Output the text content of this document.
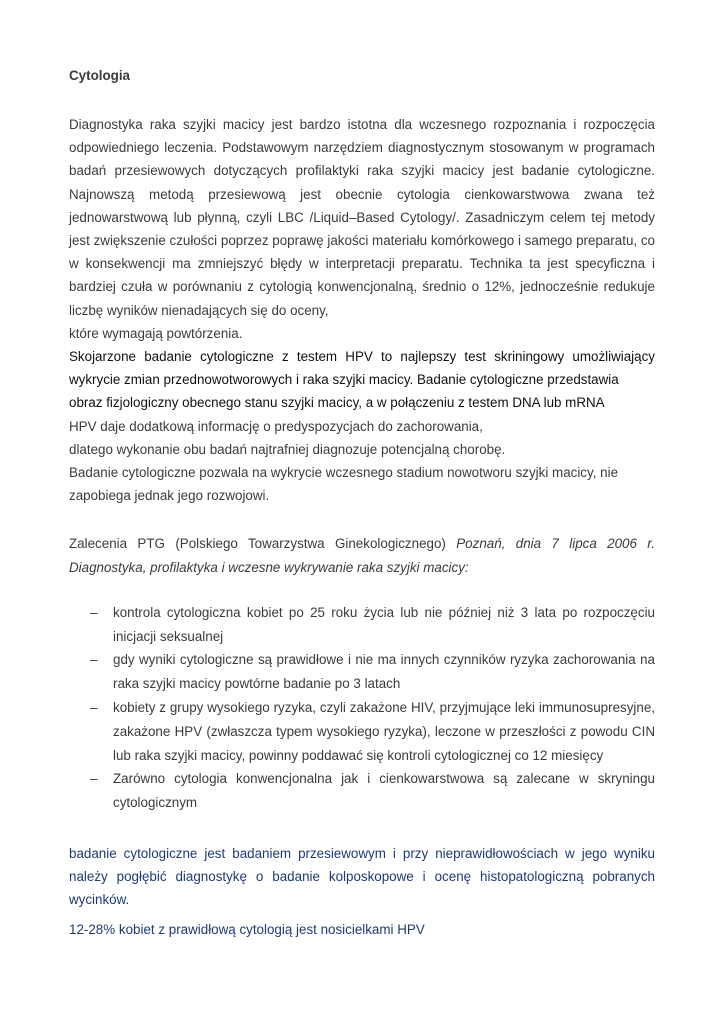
Cytologia

Diagnostyka raka szyjki macicy jest bardzo istotna dla wczesnego rozpoznania i rozpoczęcia odpowiedniego leczenia. Podstawowym narzędziem diagnostycznym stosowanym w programach badań przesiewowych dotyczących profilaktyki raka szyjki macicy jest badanie cytologiczne. Najnowszą metodą przesiewową jest obecnie cytologia cienkowarstwowa zwana też jednowarstwową lub płynną, czyli LBC /Liquid–Based Cytology/. Zasadniczym celem tej metody jest zwiększenie czułości poprzez poprawę jakości materiału komórkowego i samego preparatu, co w konsekwencji ma zmniejszyć błędy w interpretacji preparatu. Technika ta jest specyficzna i bardziej czuła w porównaniu z cytologią konwencjonalną, średnio o 12%, jednocześnie redukuje liczbę wyników nienadających się do oceny,
które wymagają powtórzenia.

Skojarzone badanie cytologiczne z testem HPV to najlepszy test skriningowy umożliwiający wykrycie zmian przednowotworowych i raka szyjki macicy. Badanie cytologiczne przedstawia
obraz fizjologiczny obecnego stanu szyjki macicy, a w połączeniu z testem DNA lub mRNA

HPV daje dodatkową informację o predyspozycjach do zachorowania,
dlatego wykonanie obu badań najtrafniej diagnozuje potencjalną chorobę.

Badanie cytologiczne pozwala na wykrycie wczesnego stadium nowotworu szyjki macicy, nie
zapobiega jednak jego rozwojowi.

Zalecenia PTG (Polskiego Towarzystwa Ginekologicznego) Poznań, dnia 7 lipca 2006 r. Diagnostyka, profilaktyka i wczesne wykrywanie raka szyjki macicy:

– kontrola cytologiczna kobiet po 25 roku życia lub nie później niż 3 lata po rozpoczęciu inicjacji seksualnej
– gdy wyniki cytologiczne są prawidłowe i nie ma innych czynników ryzyka zachorowania na raka szyjki macicy powtórne badanie po 3 latach
– kobiety z grupy wysokiego ryzyka, czyli zakażone HIV, przyjmujące leki immunosupresyjne, zakażone HPV (zwłaszcza typem wysokiego ryzyka), leczone w przeszłości z powodu CIN lub raka szyjki macicy, powinny poddawać się kontroli cytologicznej co 12 miesięcy
– Zarówno cytologia konwencjonalna jak i cienkowarstwowa są zalecane w skryningu cytologicznym

badanie cytologiczne jest badaniem przesiewowym i przy nieprawidłowościach w jego wyniku należy pogłębić diagnostykę o badanie kolposkopowe i ocenę histopatologiczną pobranych wycinków.

12-28% kobiet z prawidłową cytologią jest nosicielkami HPV
